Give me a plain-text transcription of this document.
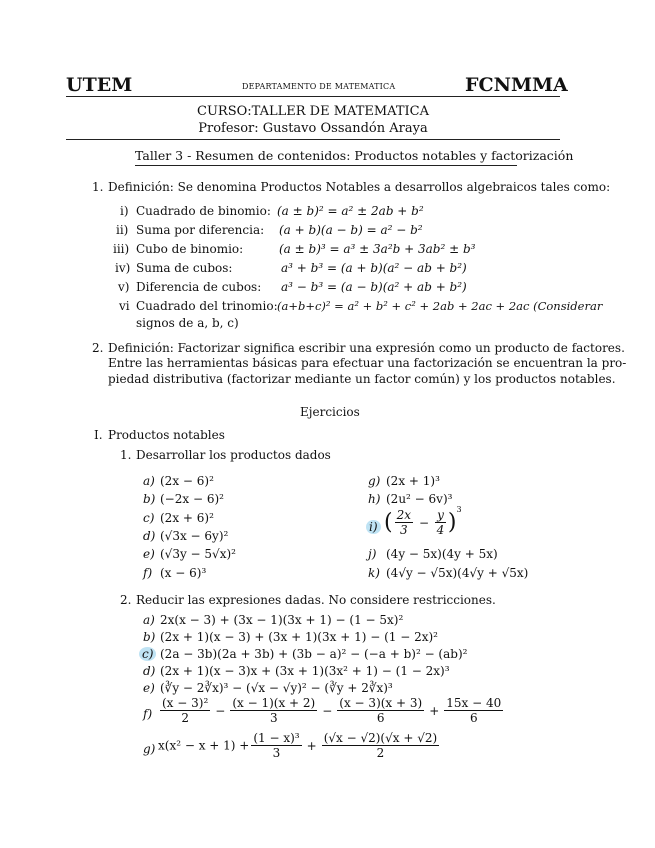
UTEM	DEPARTAMENTO DE MATEMATICA	FCNMMA
CURSO:TALLER DE MATEMATICA
Profesor: Gustavo Ossandón Araya
Taller 3 - Resumen de contenidos: Productos notables y factorización
1. Definición: Se denomina Productos Notables a desarrollos algebraicos tales como:
i) Cuadrado de binomio: (a ± b)² = a² ± 2ab + b²
ii) Suma por diferencia: (a + b)(a − b) = a² − b²
iii) Cubo de binomio:	(a ± b)³ = a³ ± 3a²b + 3ab² ± b³
iv) Suma de cubos:	a³ + b³ = (a + b)(a² − ab + b²)
v) Diferencia de cubos: a³ − b³ = (a − b)(a² + ab + b²)
vi Cuadrado del trinomio: (a+b+c)² = a² + b² + c² + 2ab + 2ac + 2ac (Considerar
signos de a, b, c)
2. Definición: Factorizar significa escribir una expresión como un producto de factores.
Entre las herramientas básicas para efectuar una factorización se encuentran la pro-
piedad distributiva (factorizar mediante un factor común) y los productos notables.
Ejercicios
I. Productos notables
1. Desarrollar los productos dados
a) (2x − 6)²
b) (−2x − 6)²
c) (2x + 6)²
d) (√3x − 6y)²
e) (√3y − 5√x)²
f) (x − 6)³
g) (2x + 1)³
h) (2u² − 6v)³
i) ( $\frac{2x}{3} - \frac{y}{4} )^3$
j) (4y − 5x)(4y + 5x)
k) (4√y − √5x)(4√y + √5x)
2. Reducir las expresiones dadas. No considere restricciones.
a) 2x(x − 3) + (3x − 1)(3x + 1) − (1 − 5x)²
b) (2x + 1)(x − 3) + (3x + 1)(3x + 1) − (1 − 2x)²
c) (2a − 3b)(2a + 3b) + (3b − a)² − (−a + b)² − (ab)²
d) (2x + 1)(x − 3)x + (3x + 1)(3x² + 1) − (1 − 2x)³
e) (∛y − 2∛x)³ − (√x − √y)² − (∛y + 2∛x)³
$f) \frac{\text{(x − 3)²}}{2} - \frac{(x - 1)(x + 2)}{3} - \frac{(x - 3)(x + 3)}{6} + \frac{15x - 40}{6}$
g) $x(x^2 - x + 1) + \frac{\text{(1 − x)³}}{3} + \frac{(√x - √2)(√x + √2)}{2}$
